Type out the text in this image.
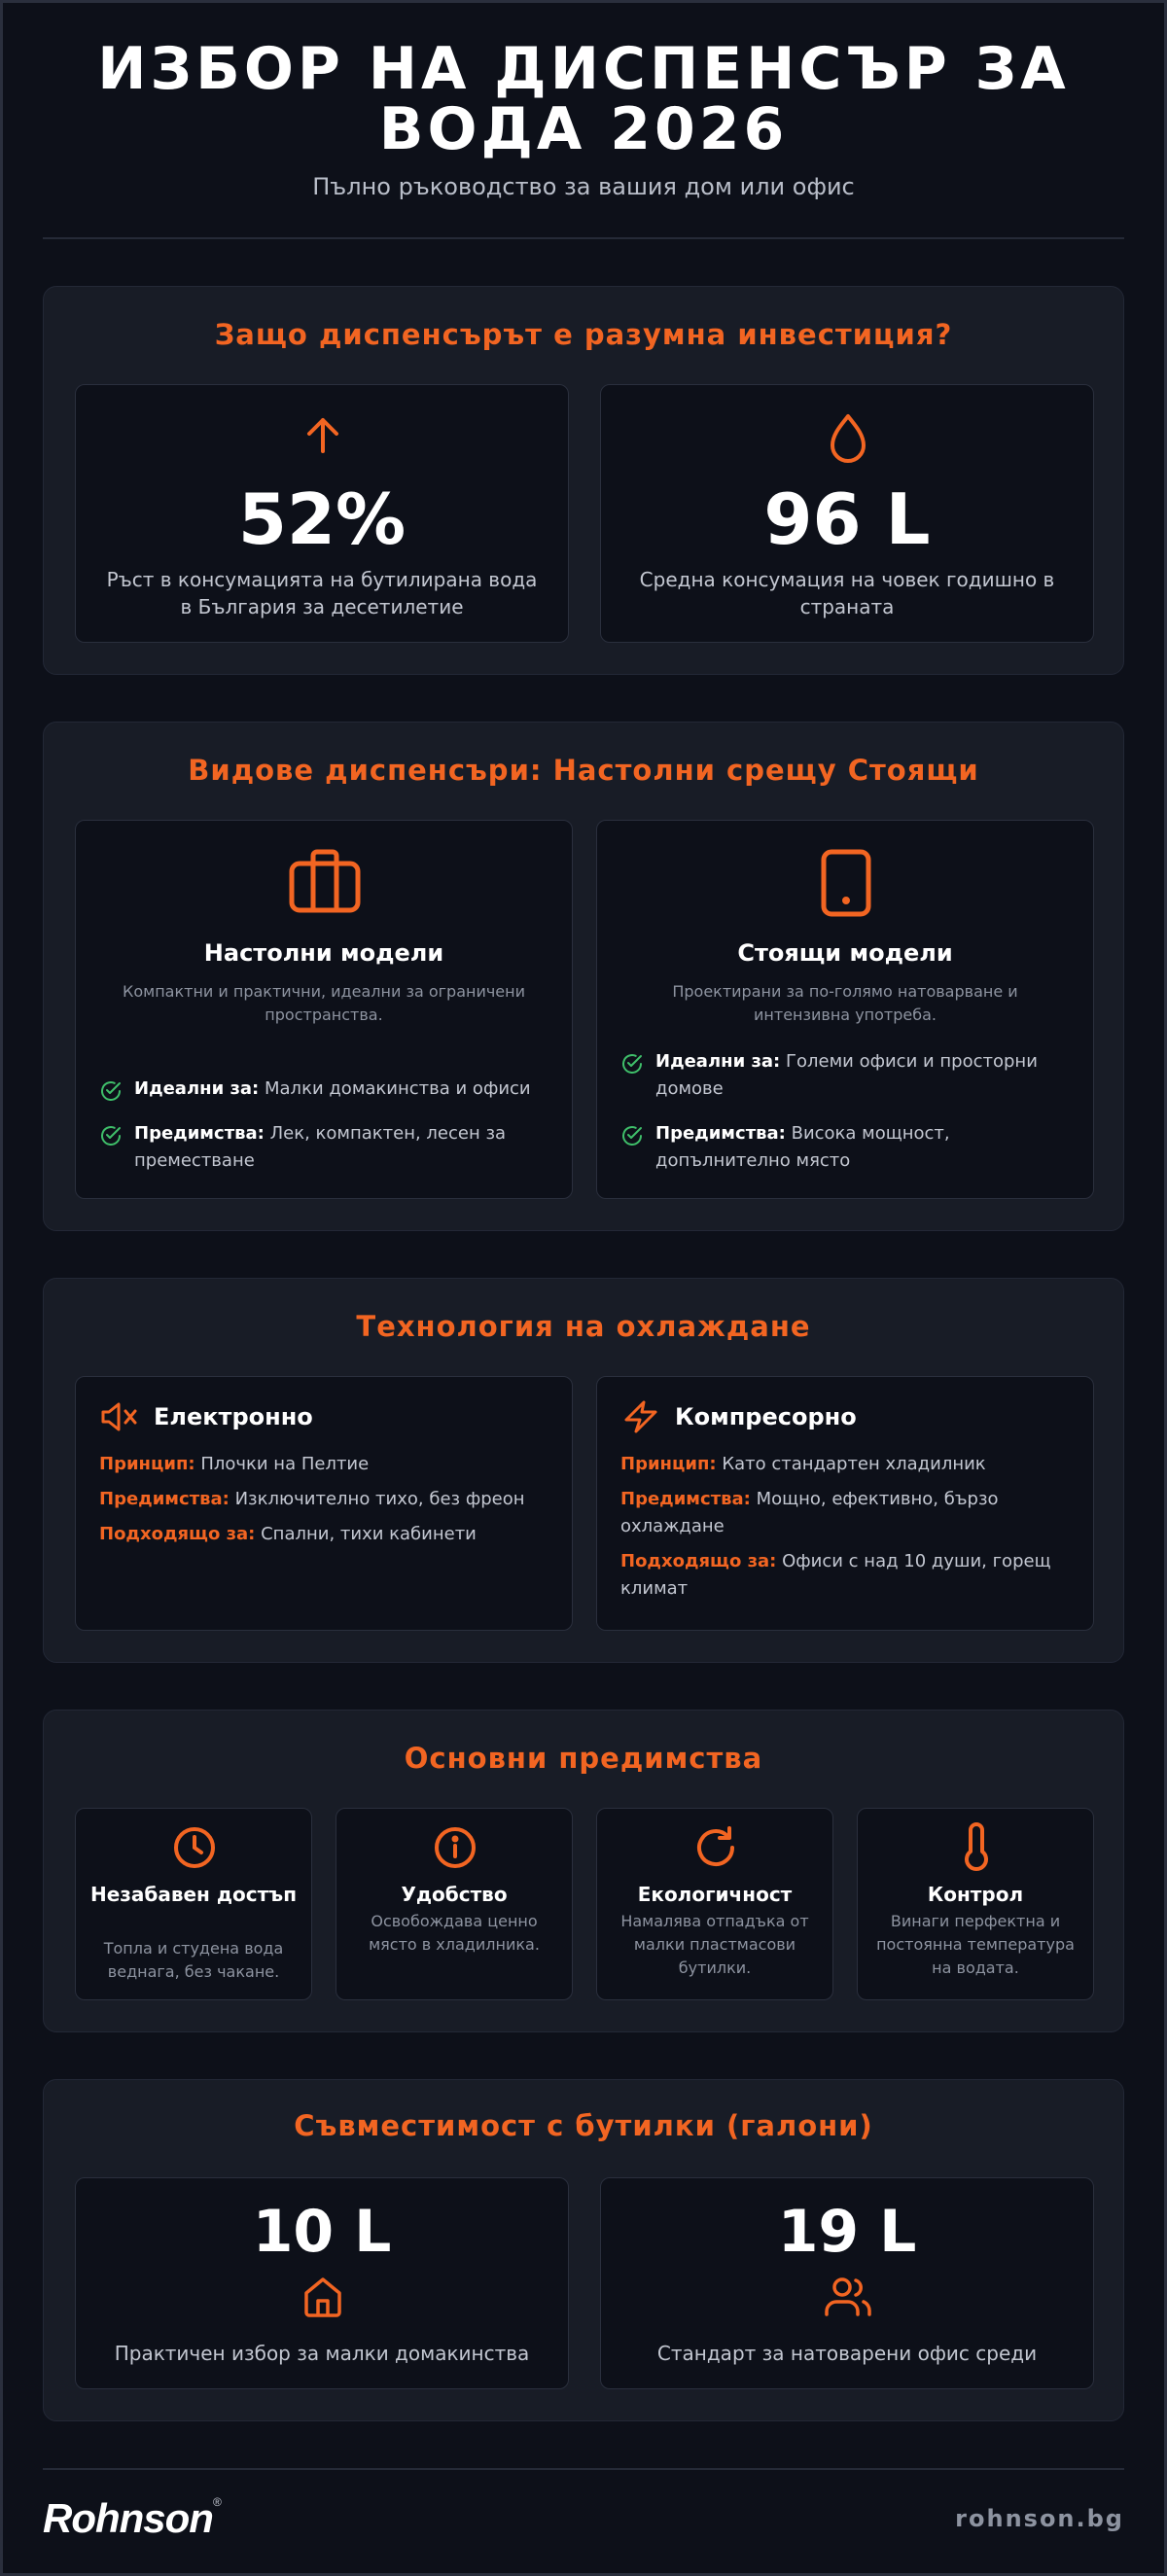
ИЗБОР НА ДИСПЕНСЪР ЗА ВОДА 2026

Пълно ръководство за вашия дом или офис

Защо диспенсърът е разумна инвестиция?
52%
Ръст в консумацията на бутилирана вода в България за десетилетие
96 L
Средна консумация на човек годишно в страната
Видове диспенсъри: Настолни срещу Стоящи
Настолни модели
Компактни и практични, идеални за ограничени пространства.
Идеални за: Малки домакинства и офиси
Предимства: Лек, компактен, лесен за преместване
Стоящи модели
Проектирани за по-голямо натоварване и интензивна употреба.
Идеални за: Големи офиси и просторни домове
Предимства: Висока мощност, допълнително място
Технология на охлаждане
Електронно
Принцип: Плочки на Пелтие
Предимства: Изключително тихо, без фреон
Подходящо за: Спални, тихи кабинети
Компресорно
Принцип: Като стандартен хладилник
Предимства: Мощно, ефективно, бързо охлаждане
Подходящо за: Офиси с над 10 души, горещ климат
Основни предимства
Незабавен достъп
Топла и студена вода веднага, без чакане.
Удобство
Освобождава ценно място в хладилника.
Екологичност
Намалява отпадъка от малки пластмасови бутилки.
Контрол
Винаги перфектна и постоянна температура на водата.
Съвместимост с бутилки (галони)
10 L
Практичен избор за малки домакинства
19 L
Стандарт за натоварени офис среди
Rohnson®
rohnson.bg
